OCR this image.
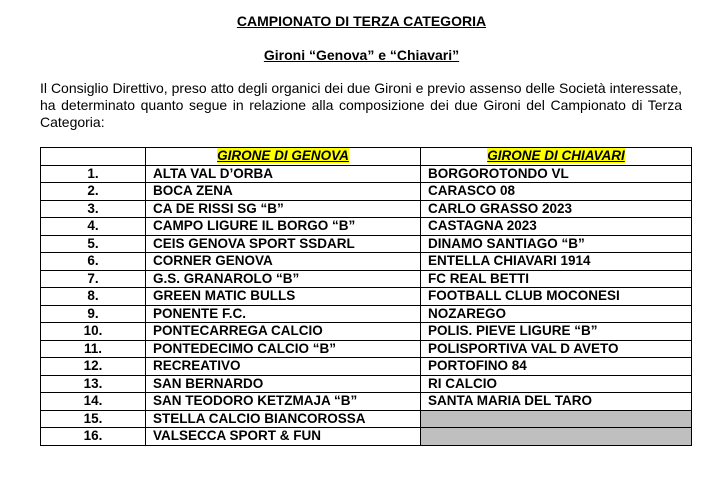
CAMPIONATO DI TERZA CATEGORIA
Gironi “Genova” e “Chiavari”
Il Consiglio Direttivo, preso atto degli organici dei due Gironi e previo assenso delle Società interessate, ha determinato quanto segue in relazione alla composizione dei due Gironi del Campionato di Terza Categoria:
	GIRONE DI GENOVA	GIRONE DI CHIAVARI
1.	ALTA VAL D’ORBA	BORGOROTONDO VL
2.	BOCA ZENA	CARASCO 08
3.	CA DE RISSI SG “B”	CARLO GRASSO 2023
4.	CAMPO LIGURE IL BORGO “B”	CASTAGNA 2023
5.	CEIS GENOVA SPORT SSDARL	DINAMO SANTIAGO “B”
6.	CORNER GENOVA	ENTELLA CHIAVARI 1914
7.	G.S. GRANAROLO “B”	FC REAL BETTI
8.	GREEN MATIC BULLS	FOOTBALL CLUB MOCONESI
9.	PONENTE F.C.	NOZAREGO
10.	PONTECARREGA CALCIO	POLIS. PIEVE LIGURE “B”
11.	PONTEDECIMO CALCIO “B”	POLISPORTIVA VAL D AVETO
12.	RECREATIVO	PORTOFINO 84
13.	SAN BERNARDO	RI CALCIO
14.	SAN TEODORO KETZMAJA “B”	SANTA MARIA DEL TARO
15.	STELLA CALCIO BIANCOROSSA	
16.	VALSECCA SPORT & FUN	
